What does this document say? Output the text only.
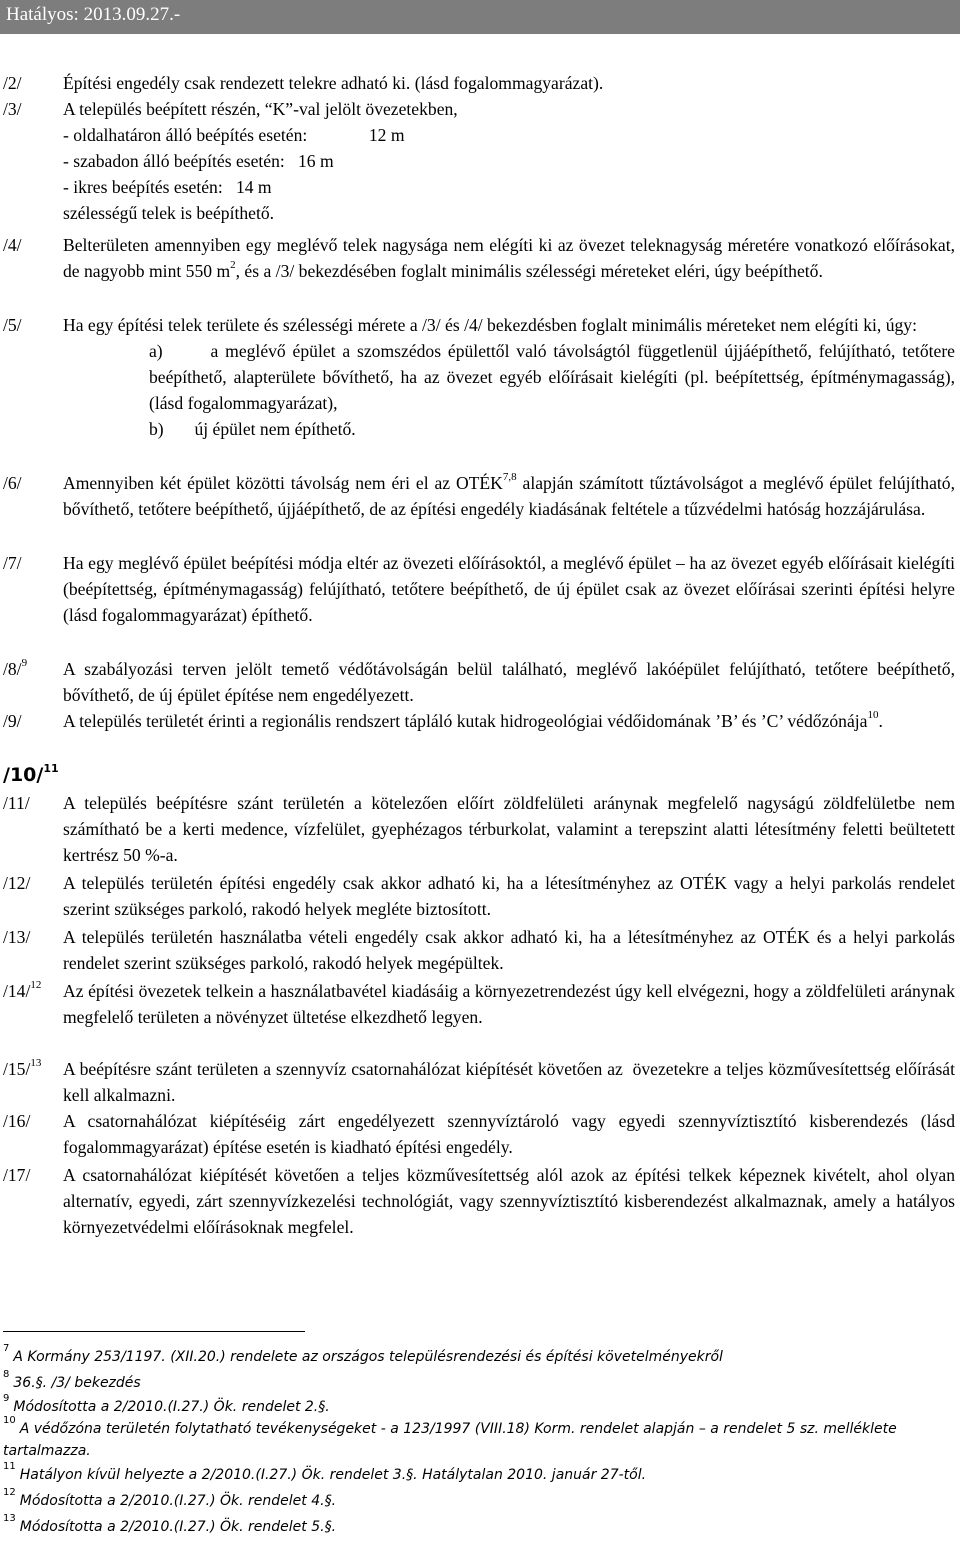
Hatályos: 2013.09.27.-
/2/ Építési engedély csak rendezett telekre adható ki. (lásd fogalommagyarázat).
/3/ A település beépített részén, “K”-val jelölt övezetekben,

- oldalhatáron álló beépítés esetén:              12 m

- szabadon álló beépítés esetén:   16 m

- ikres beépítés esetén:   14 m

szélességű telek is beépíthető.

/4/ Belterületen amennyiben egy meglévő telek nagysága nem elégíti ki az övezet teleknagyság méretére vonatkozó előírásokat, de nagyobb mint 550 $m^2$, és a /3/ bekezdésében foglalt minimális szélességi méreteket eléri, úgy beépíthető.
/5/ Ha egy építési telek területe és szélességi mérete a /3/ és /4/ bekezdésben foglalt minimális méreteket nem elégíti ki, úgy:

a)       a meglévő épület a szomszédos épülettől való távolságtól függetlenül újjáépíthető, felújítható, tetőtere beépíthető, alapterülete bővíthető, ha az övezet egyéb előírásait kielégíti (pl. beépítettség, építménymagasság), (lásd fogalommagyarázat),

b)       új épület nem építhető.

/6/ Amennyiben két épület közötti távolság nem éri el az OTÉK$^{7,8}$ alapján számított tűztávolságot a meglévő épület felújítható, bővíthető, tetőtere beépíthető, újjáépíthető, de az építési engedély kiadásának feltétele a tűzvédelmi hatóság hozzájárulása.
/7/ Ha egy meglévő épület beépítési módja eltér az övezeti előírásoktól, a meglévő épület – ha az övezet egyéb előírásait kielégíti (beépítettség, építménymagasság) felújítható, tetőtere beépíthető, de új épület csak az övezet előírásai szerinti építési helyre (lásd fogalommagyarázat) építhető.
/8/$^9$ A szabályozási terven jelölt temető védőtávolságán belül található, meglévő lakóépület felújítható, tetőtere beépíthető, bővíthető, de új épület építése nem engedélyezett.
/9/ A település területét érinti a regionális rendszert tápláló kutak hidrogeológiai védőidomának ’B’ és ’C’ védőzónája$^{10}$.
/10/$^{11}$
/11/ A település beépítésre szánt területén a kötelezően előírt zöldfelületi aránynak megfelelő nagyságú zöldfelületbe nem számítható be a kerti medence, vízfelület, gyephézagos térburkolat, valamint a terepszint alatti létesítmény feletti beültetett kertrész 50 %-a.
/12/ A település területén építési engedély csak akkor adható ki, ha a létesítményhez az OTÉK vagy a helyi parkolás rendelet szerint szükséges parkoló, rakodó helyek megléte biztosított.
/13/ A település területén használatba vételi engedély csak akkor adható ki, ha a létesítményhez az OTÉK és a helyi parkolás rendelet szerint szükséges parkoló, rakodó helyek megépültek.
/14/$^{12}$ Az építési övezetek telkein a használatbavétel kiadásáig a környezetrendezést úgy kell elvégezni, hogy a zöldfelületi aránynak megfelelő területen a növényzet ültetése elkezdhető legyen.
/15/$^{13}$ A beépítésre szánt területen a szennyvíz csatornahálózat kiépítését követően az  övezetekre a teljes közművesítettség előírását kell alkalmazni.
/16/ A csatornahálózat kiépítéséig zárt engedélyezett szennyvíztároló vagy egyedi szennyvíztisztító kisberendezés (lásd fogalommagyarázat) építése esetén is kiadható építési engedély.
/17/ A csatornahálózat kiépítését követően a teljes közművesítettség alól azok az építési telkek képeznek kivételt, ahol olyan alternatív, egyedi, zárt szennyvízkezelési technológiát, vagy szennyvíztisztító kisberendezést alkalmaznak, amely a hatályos környezetvédelmi előírásoknak megfelel.
$^7$A Kormány 253/1197. (XII.20.) rendelete az országos településrendezési és építési követelményekről
$^8$36.§. /3/ bekezdés
$^9$Módosította a 2/2010.(I.27.) Ök. rendelet 2.§.
$^{10}$A védőzóna területén folytatható tevékenységeket - a 123/1997 (VIII.18) Korm. rendelet alapján – a rendelet 5 sz. melléklete tartalmazza.
$^{11}$Hatályon kívül helyezte a 2/2010.(I.27.) Ök. rendelet 3.§. Hatálytalan 2010. január 27-től.
$^{12}$Módosította a 2/2010.(I.27.) Ök. rendelet 4.§.
$^{13}$Módosította a 2/2010.(I.27.) Ök. rendelet 5.§.
